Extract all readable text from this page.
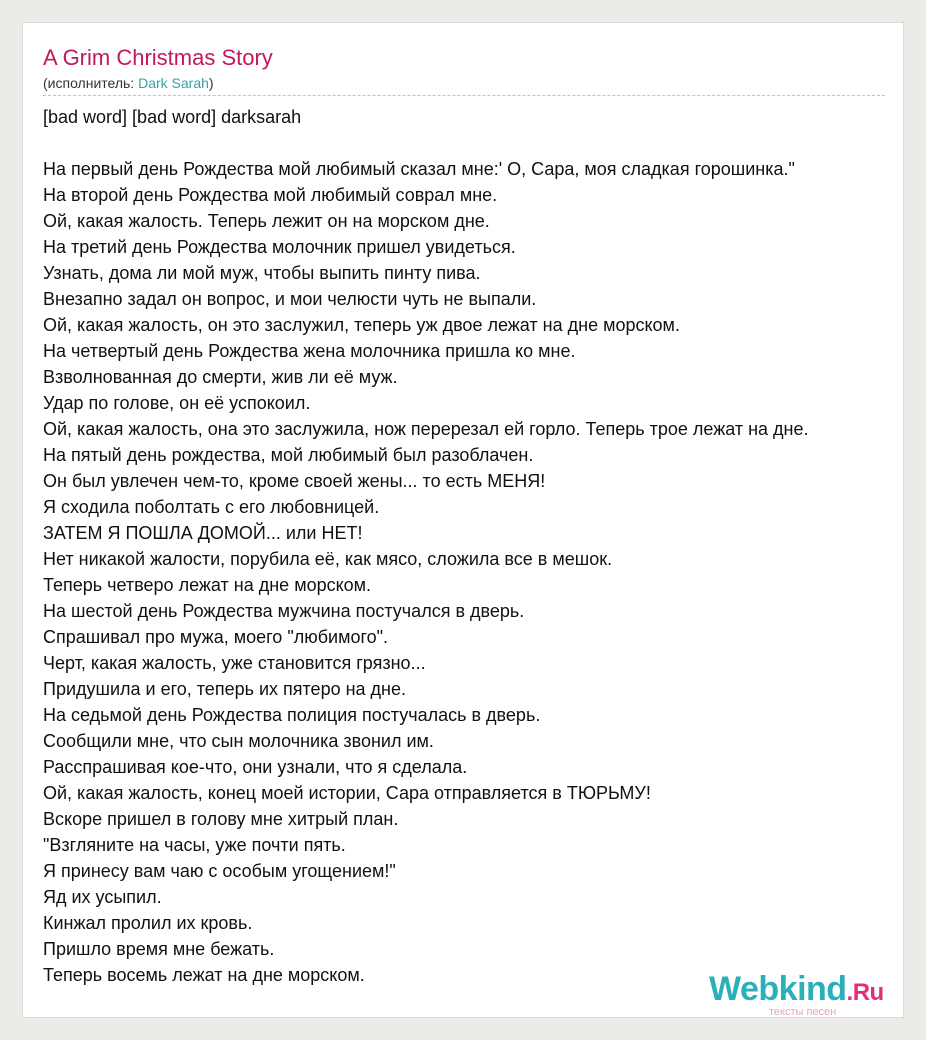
A Grim Christmas Story
(исполнитель: Dark Sarah)
[bad word] [bad word] darksarah
На первый день Рождества мой любимый сказал мне:' О, Сара, моя сладкая горошинка."
На второй день Рождества мой любимый соврал мне.
Ой, какая жалость. Теперь лежит он на морском дне.
На третий день Рождества молочник пришел увидеться.
Узнать, дома ли мой муж, чтобы выпить пинту пива.
Внезапно задал он вопрос, и мои челюсти чуть не выпали.
Ой, какая жалость, он это заслужил, теперь уж двое лежат на дне морском.
На четвертый день Рождества жена молочника пришла ко мне.
Взволнованная до смерти, жив ли её муж.
Удар по голове, он её успокоил.
Ой, какая жалость, она это заслужила, нож перерезал ей горло. Теперь трое лежат на дне.
На пятый день рождества, мой любимый был разоблачен.
Он был увлечен чем-то, кроме своей жены... то есть МЕНЯ!
Я сходила поболтать с его любовницей.
ЗАТЕМ Я ПОШЛА ДОМОЙ... или НЕТ!
Нет никакой жалости, порубила её, как мясо, сложила все в мешок.
Теперь четверо лежат на дне морском.
На шестой день Рождества мужчина постучался в дверь.
Спрашивал про мужа, моего "любимого".
Черт, какая жалость, уже становится грязно...
Придушила и его, теперь их пятеро на дне.
На седьмой день Рождества полиция постучалась в дверь.
Сообщили мне, что сын молочника звонил им.
Расспрашивая кое-что, они узнали, что я сделала.
Ой, какая жалость, конец моей истории, Сара отправляется в ТЮРЬМУ!
Вскоре пришел в голову мне хитрый план.
"Взгляните на часы, уже почти пять.
Я принесу вам чаю с особым угощением!"
Яд их усыпил.
Кинжал пролил их кровь.
Пришло время мне бежать.
Теперь восемь лежат на дне морском.	Webkind.Ru
тексты песен
